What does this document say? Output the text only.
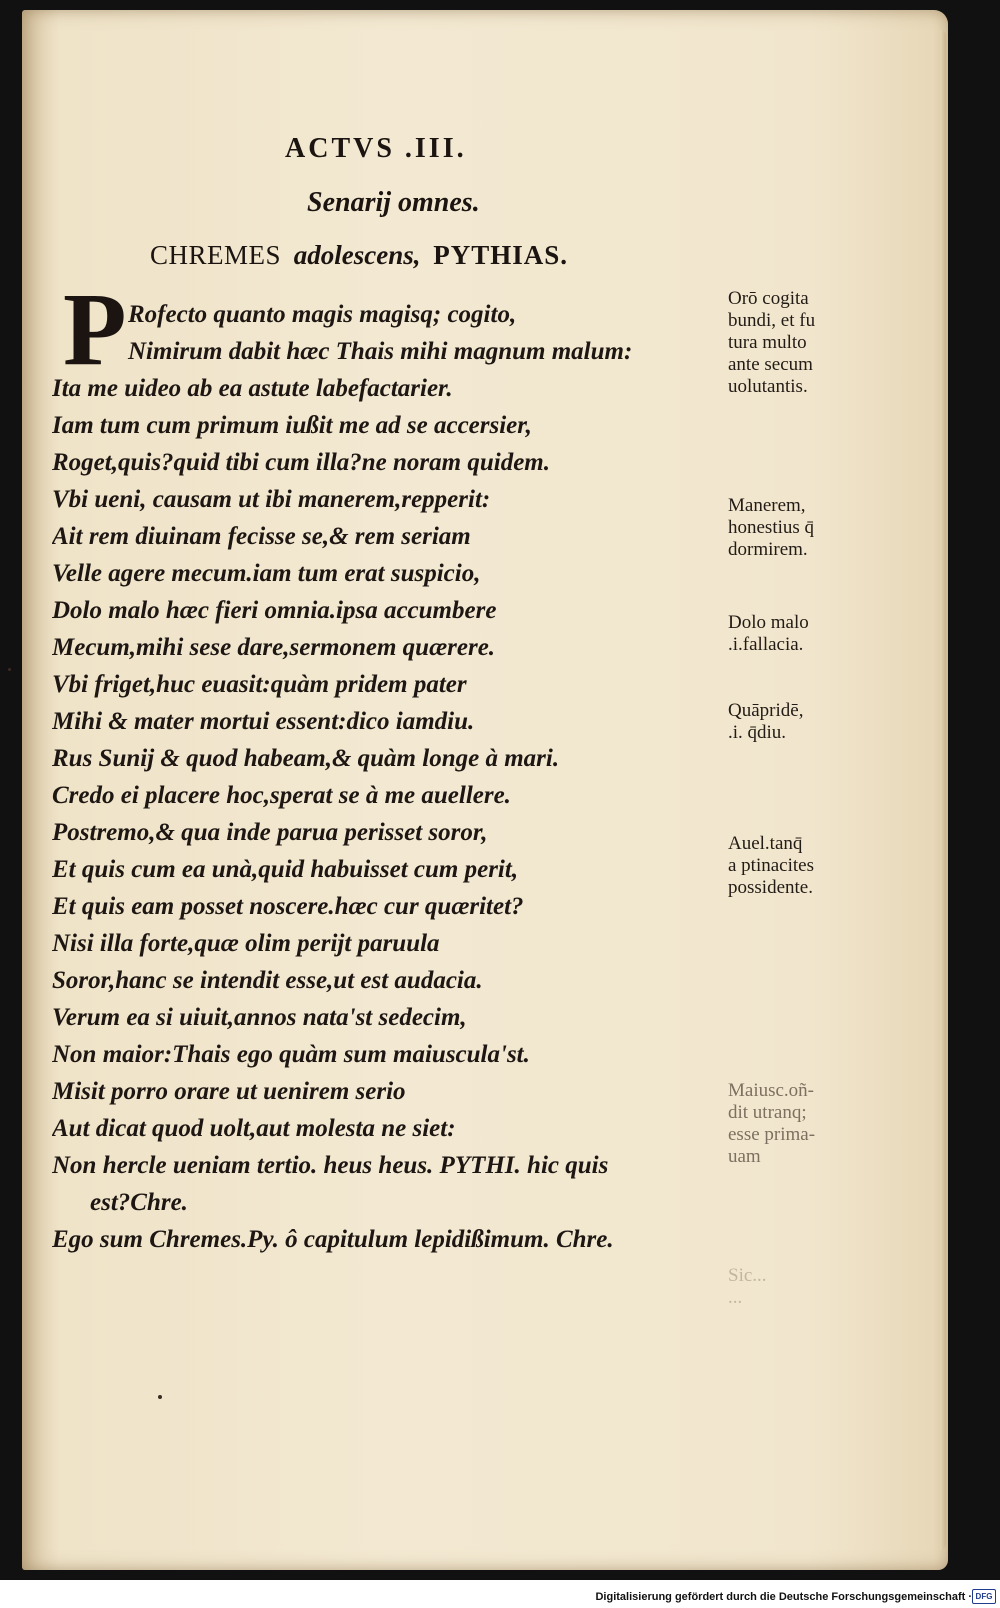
ACTVS .III.
Senarij omnes.
CHREMES adolescens, PYTHIAS.
P Rofecto quanto magis magisq; cogito,
Nimirum dabit hæc Thais mihi magnum malum:
Ita me uideo ab ea astute labefactarier.
Iam tum cum primum iußit me ad se accersier,
Roget,quis?quid tibi cum illa?ne noram quidem.
Vbi ueni, causam ut ibi manerem,repperit:
Ait rem diuinam fecisse se,& rem seriam
Velle agere mecum.iam tum erat suspicio,
Dolo malo hæc fieri omnia.ipsa accumbere
Mecum,mihi sese dare,sermonem quærere.
Vbi friget,huc euasit:quàm pridem pater
Mihi & mater mortui essent:dico iamdiu.
Rus Sunij & quod habeam,& quàm longe à mari.
Credo ei placere hoc,sperat se à me auellere.
Postremo,& qua inde parua perisset soror,
Et quis cum ea unà,quid habuisset cum perit,
Et quis eam posset noscere.hæc cur quæritet?
Nisi illa forte,quæ olim perijt paruula
Soror,hanc se intendit esse,ut est audacia.
Verum ea si uiuit,annos nata'st sedecim,
Non maior:Thais ego quàm sum maiuscula'st.
Misit porro orare ut uenirem serio
Aut dicat quod uolt,aut molesta ne siet:
Non hercle ueniam tertio. heus heus. PYTHI. hic quis
est?Chre.
Ego sum Chremes.Py. ô capitulum lepidißimum. Chre.
Orō cogita
bundi, et fu
tura multo
ante secum
uolutantis.
Manerem,
honestius q̄
dormirem.
Dolo malo
.i.fallacia.
Quāpridē,
.i. q̄diu.
Auel.tanq̄
a ptinacites
possidente.
Maiusc.oñ-
dit utranq;
esse prima-
uam
Sic...
...
Digitalisierung gefördert durch die Deutsche Forschungsgemeinschaft · DFG
